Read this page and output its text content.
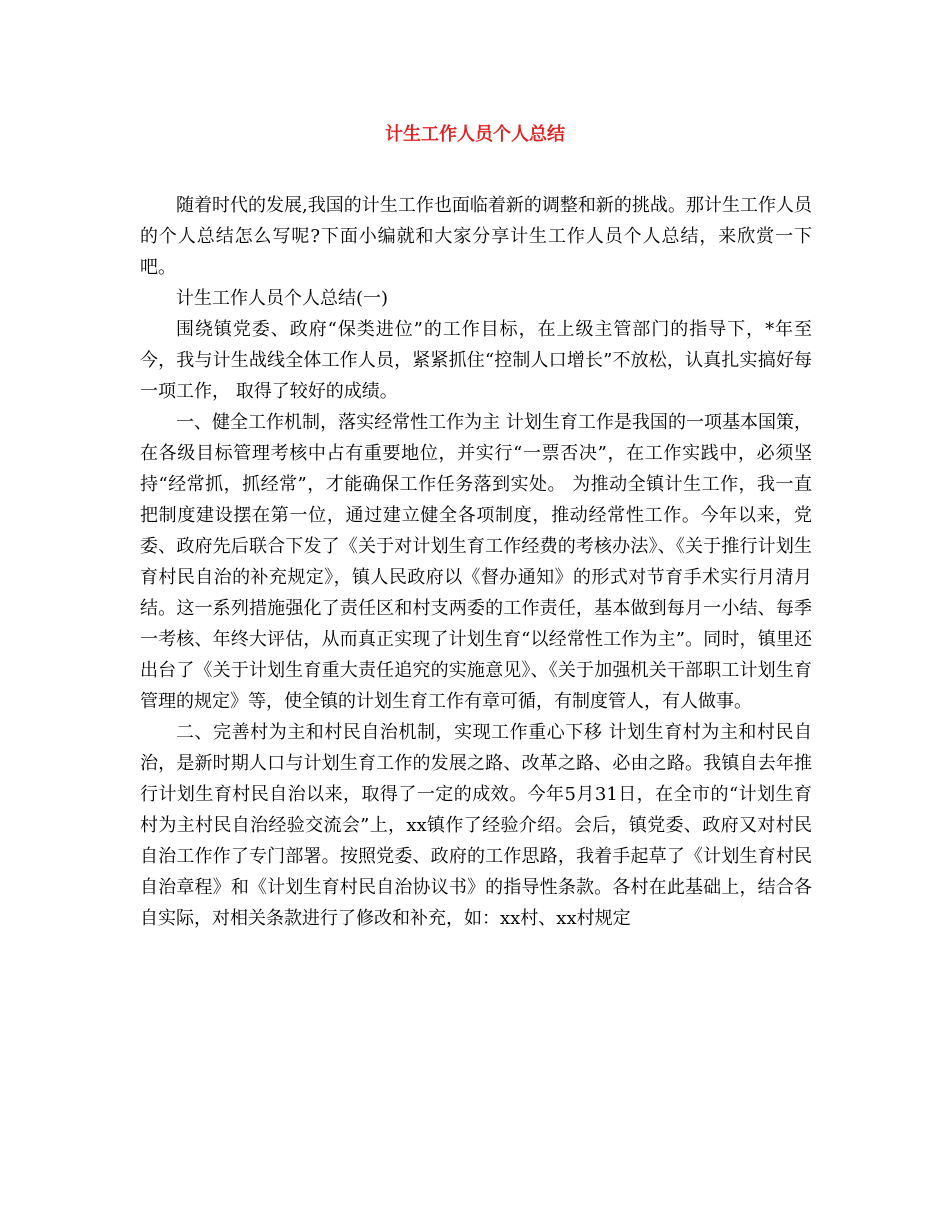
计生工作人员个人总结

随着时代的发展,我国的计生工作也面临着新的调整和新的挑战。那计生工作人员的个人总结怎么写呢?下面小编就和大家分享计生工作人员个人总结，来欣赏一下吧。

计生工作人员个人总结(一)

围绕镇党委、政府“保类进位”的工作目标，在上级主管部门的指导下，*年至今，我与计生战线全体工作人员，紧紧抓住“控制人口增长”不放松，认真扎实搞好每一项工作， 取得了较好的成绩。

一、健全工作机制，落实经常性工作为主 计划生育工作是我国的一项基本国策，在各级目标管理考核中占有重要地位，并实行“一票否决”，在工作实践中，必须坚持“经常抓，抓经常”，才能确保工作任务落到实处。 为推动全镇计生工作，我一直把制度建设摆在第一位，通过建立健全各项制度，推动经常性工作。今年以来，党委、政府先后联合下发了《关于对计划生育工作经费的考核办法》、《关于推行计划生育村民自治的补充规定》，镇人民政府以《督办通知》的形式对节育手术实行月清月结。这一系列措施强化了责任区和村支两委的工作责任，基本做到每月一小结、每季一考核、年终大评估，从而真正实现了计划生育“以经常性工作为主”。同时，镇里还出台了《关于计划生育重大责任追究的实施意见》、《关于加强机关干部职工计划生育管理的规定》等，使全镇的计划生育工作有章可循，有制度管人，有人做事。

二、完善村为主和村民自治机制，实现工作重心下移 计划生育村为主和村民自治，是新时期人口与计划生育工作的发展之路、改革之路、必由之路。我镇自去年推行计划生育村民自治以来，取得了一定的成效。今年5月31日，在全市的“计划生育村为主村民自治经验交流会”上，xx镇作了经验介绍。会后，镇党委、政府又对村民自治工作作了专门部署。按照党委、政府的工作思路，我着手起草了《计划生育村民自治章程》和《计划生育村民自治协议书》的指导性条款。各村在此基础上，结合各自实际，对相关条款进行了修改和补充，如：xx村、xx村规定
